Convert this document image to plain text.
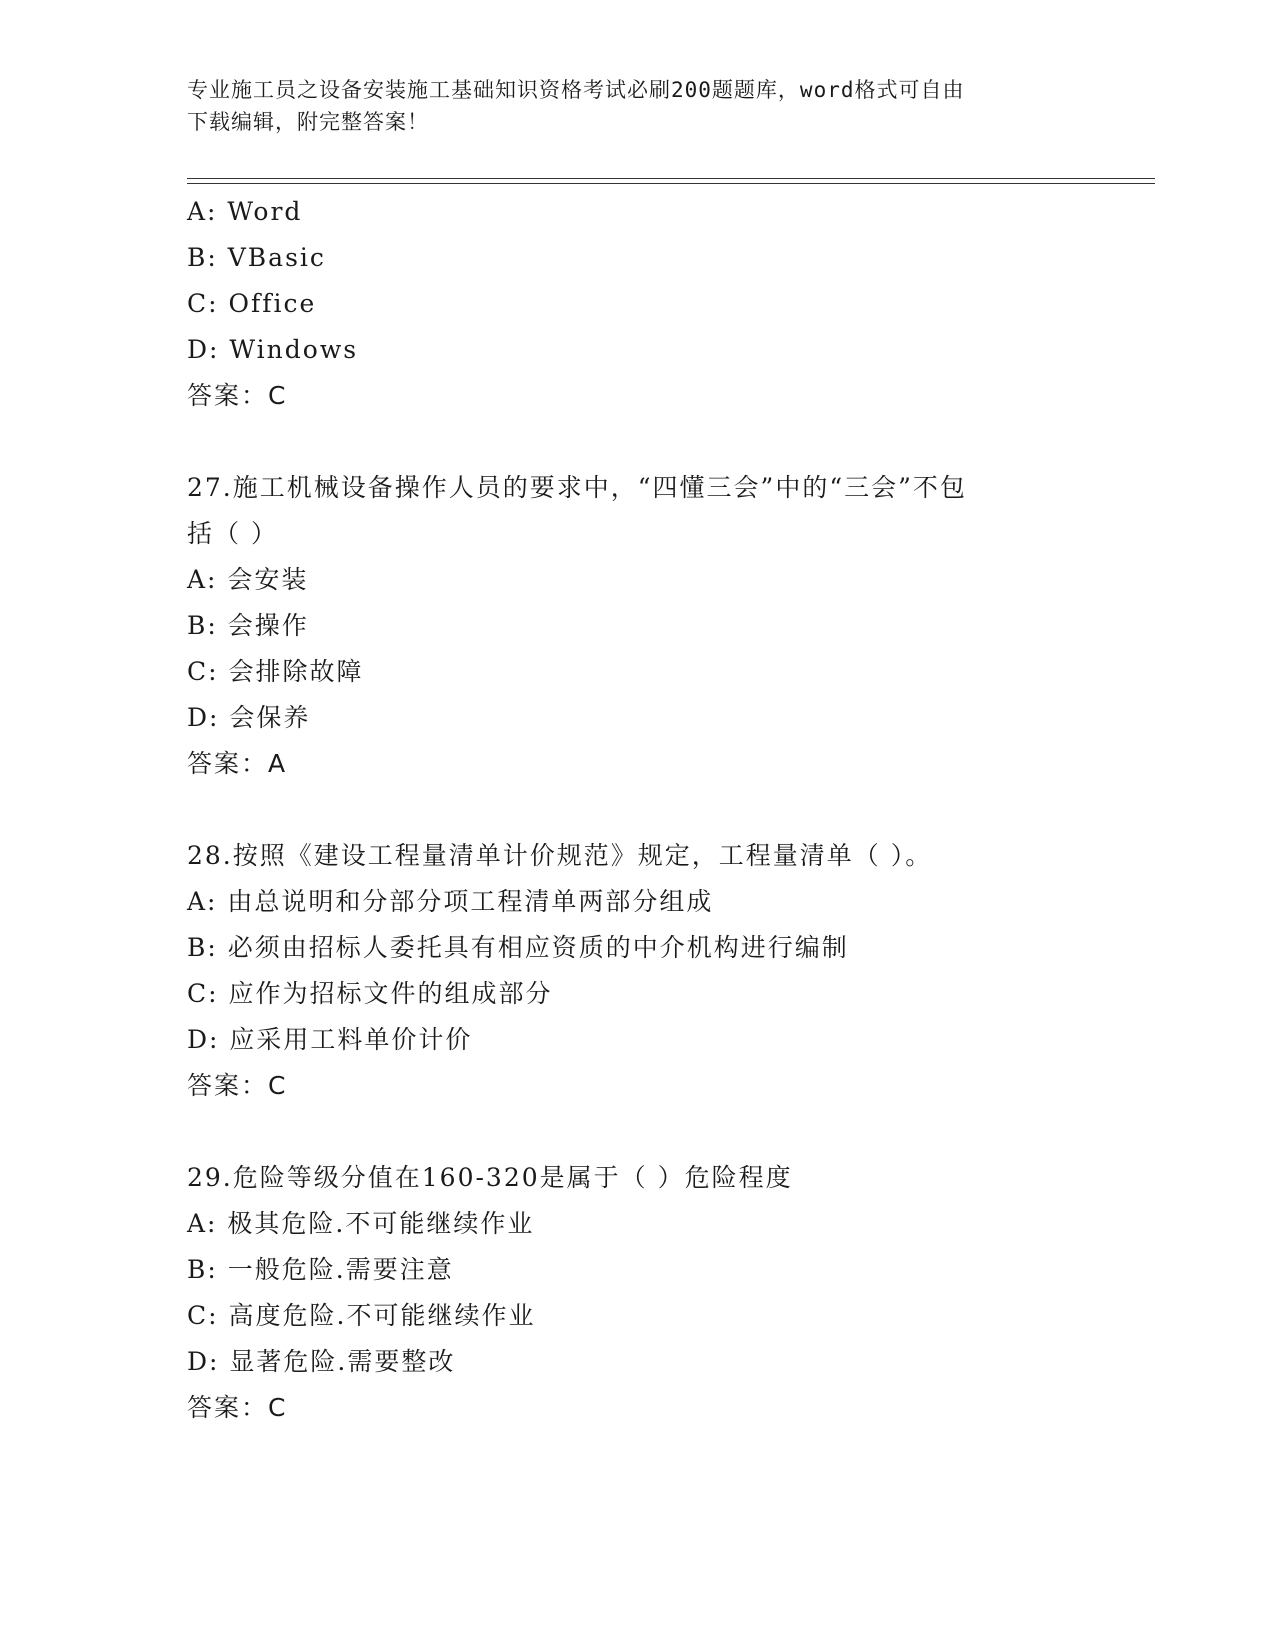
专业施工员之设备安装施工基础知识资格考试必刷200题题库，word格式可自由
下载编辑，附完整答案！
A: Word
B: VBasic
C: Office
D: Windows
答案：C
27.施工机械设备操作人员的要求中，“四懂三会”中的“三会”不包
括（ ）
A: 会安装
B: 会操作
C: 会排除故障
D: 会保养
答案：A
28.按照《建设工程量清单计价规范》规定，工程量清单（ ）。
A: 由总说明和分部分项工程清单两部分组成
B: 必须由招标人委托具有相应资质的中介机构进行编制
C: 应作为招标文件的组成部分
D: 应采用工料单价计价
答案：C
29.危险等级分值在160-320是属于（ ）危险程度
A: 极其危险.不可能继续作业
B: 一般危险.需要注意
C: 高度危险.不可能继续作业
D: 显著危险.需要整改
答案：C
